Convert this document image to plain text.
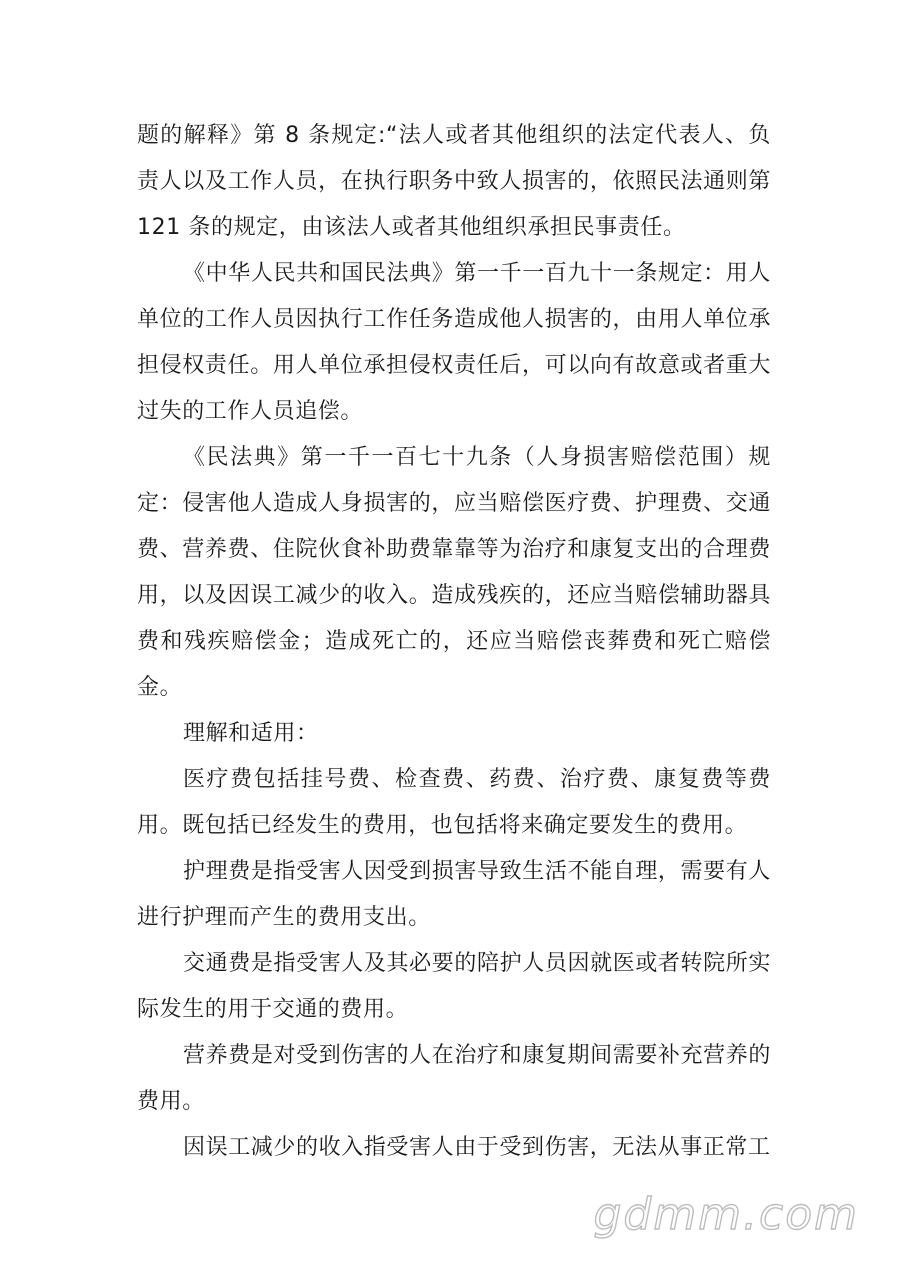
题的解释》第 8 条规定:“法人或者其他组织的法定代表人、负责人以及工作人员，在执行职务中致人损害的，依照民法通则第 121 条的规定，由该法人或者其他组织承担民事责任。

《中华人民共和国民法典》第一千一百九十一条规定：用人单位的工作人员因执行工作任务造成他人损害的，由用人单位承担侵权责任。用人单位承担侵权责任后，可以向有故意或者重大过失的工作人员追偿。

《民法典》第一千一百七十九条（人身损害赔偿范围）规定：侵害他人造成人身损害的，应当赔偿医疗费、护理费、交通费、营养费、住院伙食补助费靠靠等为治疗和康复支出的合理费用，以及因误工减少的收入。造成残疾的，还应当赔偿辅助器具费和残疾赔偿金；造成死亡的，还应当赔偿丧葬费和死亡赔偿金。

理解和适用：

医疗费包括挂号费、检查费、药费、治疗费、康复费等费用。既包括已经发生的费用，也包括将来确定要发生的费用。

护理费是指受害人因受到损害导致生活不能自理，需要有人进行护理而产生的费用支出。

交通费是指受害人及其必要的陪护人员因就医或者转院所实际发生的用于交通的费用。

营养费是对受到伤害的人在治疗和康复期间需要补充营养的费用。

因误工减少的收入指受害人由于受到伤害，无法从事正常工

gdmm.com
